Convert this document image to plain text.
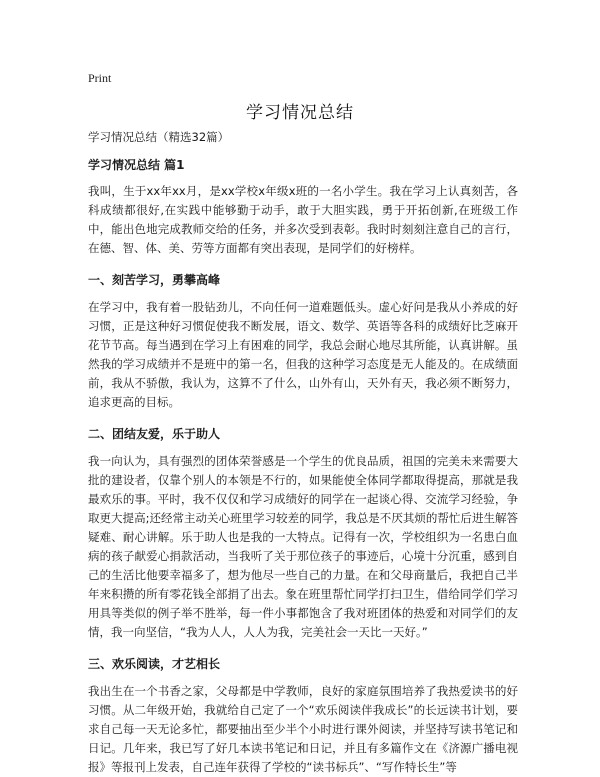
Print
学习情况总结

学习情况总结（精选32篇）

学习情况总结 篇1

我叫，生于xx年xx月，是xx学校x年级x班的一名小学生。我在学习上认真刻苦，各科成绩都很好,在实践中能够勤于动手，敢于大胆实践，勇于开拓创新,在班级工作中，能出色地完成教师交给的任务，并多次受到表彰。我时时刻刻注意自己的言行，在德、智、体、美、劳等方面都有突出表现，是同学们的好榜样。

一、刻苦学习，勇攀高峰

在学习中，我有着一股钻劲儿，不向任何一道难题低头。虚心好问是我从小养成的好习惯，正是这种好习惯促使我不断发展，语文、数学、英语等各科的成绩好比芝麻开花节节高。每当遇到在学习上有困难的同学，我总会耐心地尽其所能，认真讲解。虽然我的学习成绩并不是班中的第一名，但我的这种学习态度是无人能及的。在成绩面前，我从不骄傲，我认为，这算不了什么，山外有山，天外有天，我必须不断努力，追求更高的目标。

二、团结友爱，乐于助人

我一向认为，具有强烈的团体荣誉感是一个学生的优良品质，祖国的完美未来需要大批的建设者，仅靠个别人的本领是不行的，如果能使全体同学都取得提高，那就是我最欢乐的事。平时，我不仅仅和学习成绩好的同学在一起谈心得、交流学习经验，争取更大提高;还经常主动关心班里学习较差的同学，我总是不厌其烦的帮忙后进生解答疑难、耐心讲解。乐于助人也是我的一大特点。记得有一次，学校组织为一名患白血病的孩子献爱心捐款活动，当我听了关于那位孩子的事迹后，心境十分沉重，感到自己的生活比他要幸福多了，想为他尽一些自己的力量。在和父母商量后，我把自己半年来积攒的所有零花钱全部捐了出去。象在班里帮忙同学打扫卫生，借给同学们学习用具等类似的例子举不胜举，每一件小事都饱含了我对班团体的热爱和对同学们的友情，我一向坚信，“我为人人，人人为我，完美社会一天比一天好。”

三、欢乐阅读，才艺相长

我出生在一个书香之家，父母都是中学教师，良好的家庭氛围培养了我热爱读书的好习惯。从二年级开始，我就给自己定了一个“欢乐阅读伴我成长”的长远读书计划，要求自己每一天无论多忙，都要抽出至少半个小时进行课外阅读，并坚持写读书笔记和日记。几年来，我已写了好几本读书笔记和日记，并且有多篇作文在《济源广播电视报》等报刊上发表，自己连年获得了学校的“读书标兵”、“写作特长生”等
